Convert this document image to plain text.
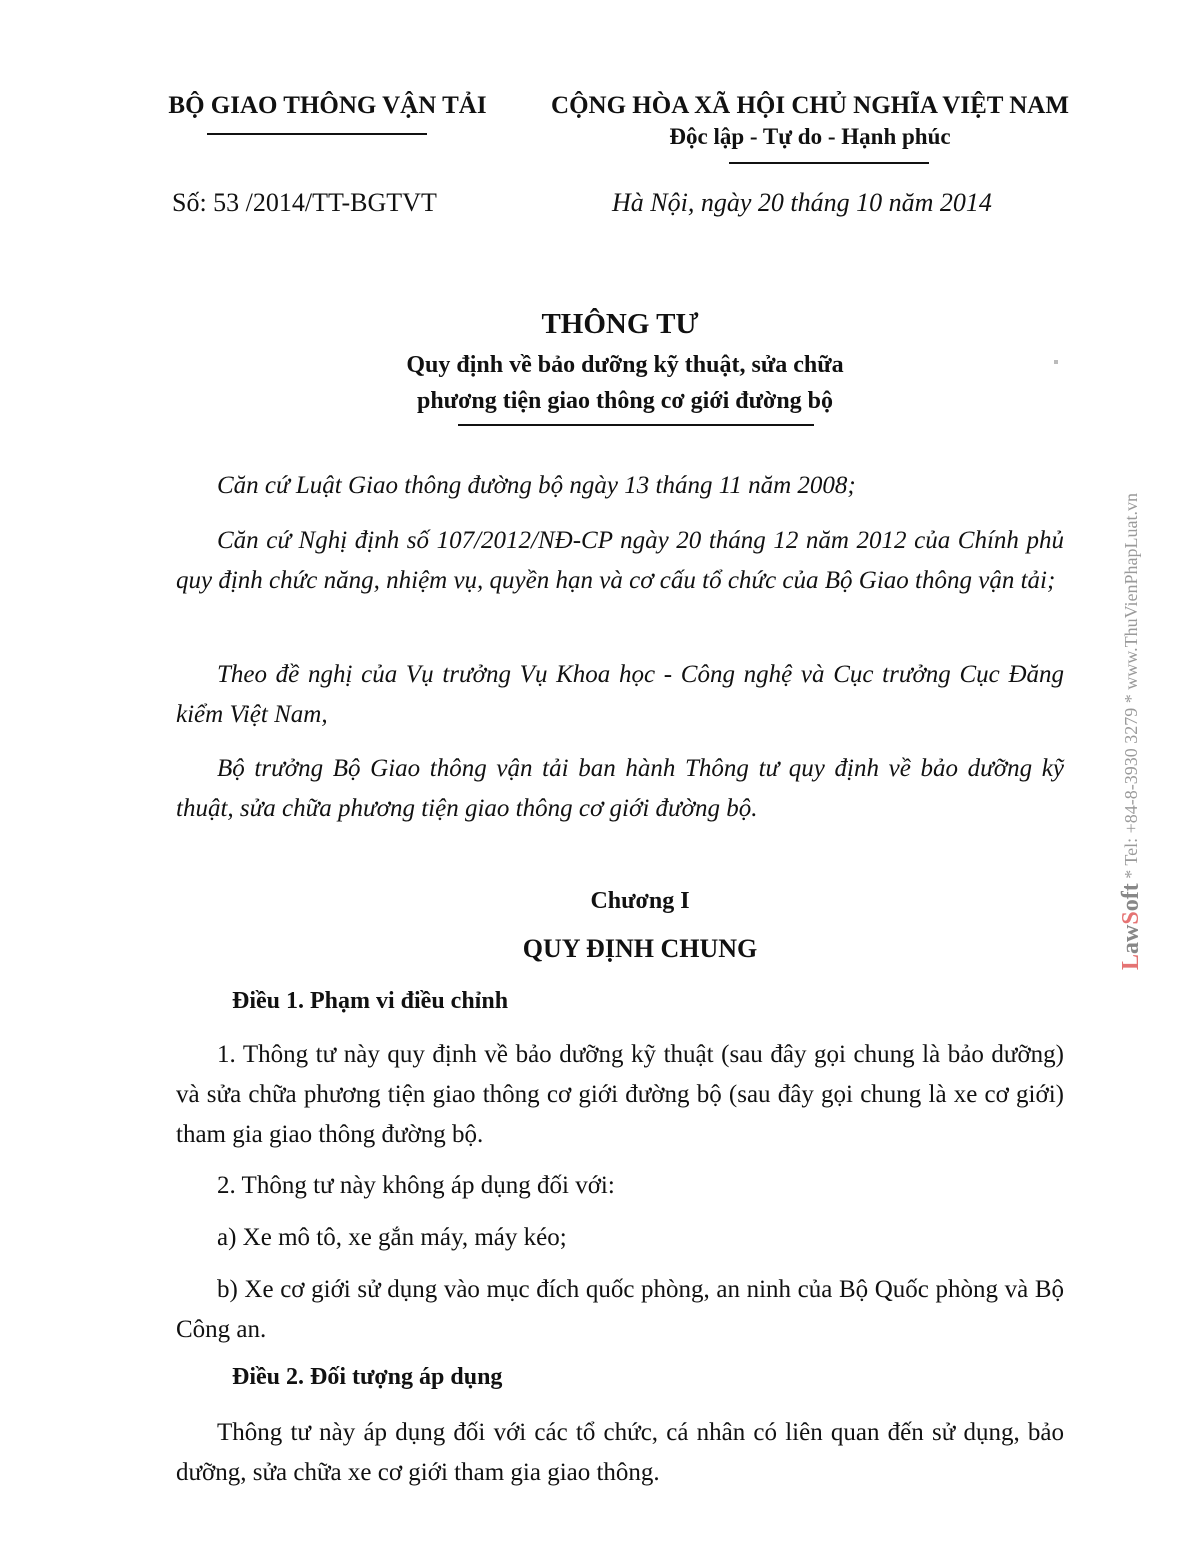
BỘ GIAO THÔNG VẬN TẢI	CỘNG HÒA XÃ HỘI CHỦ NGHĨA VIỆT NAM
Độc lập - Tự do - Hạnh phúc
Số: 53 /2014/TT-BGTVT	Hà Nội, ngày 20 tháng 10 năm 2014
THÔNG TƯ
Quy định về bảo dưỡng kỹ thuật, sửa chữa
phương tiện giao thông cơ giới đường bộ
Căn cứ Luật Giao thông đường bộ ngày 13 tháng 11 năm 2008;
Căn cứ Nghị định số 107/2012/NĐ-CP ngày 20 tháng 12 năm 2012 của Chính phủ quy định chức năng, nhiệm vụ, quyền hạn và cơ cấu tổ chức của Bộ Giao thông vận tải;
Theo đề nghị của Vụ trưởng Vụ Khoa học - Công nghệ và Cục trưởng Cục Đăng kiểm Việt Nam,
Bộ trưởng Bộ Giao thông vận tải ban hành Thông tư quy định về bảo dưỡng kỹ thuật, sửa chữa phương tiện giao thông cơ giới đường bộ.
Chương I
QUY ĐỊNH CHUNG
Điều 1. Phạm vi điều chỉnh
1. Thông tư này quy định về bảo dưỡng kỹ thuật (sau đây gọi chung là bảo dưỡng) và sửa chữa phương tiện giao thông cơ giới đường bộ (sau đây gọi chung là xe cơ giới) tham gia giao thông đường bộ.
2. Thông tư này không áp dụng đối với:
a) Xe mô tô, xe gắn máy, máy kéo;
b) Xe cơ giới sử dụng vào mục đích quốc phòng, an ninh của Bộ Quốc phòng và Bộ Công an.
Điều 2. Đối tượng áp dụng
Thông tư này áp dụng đối với các tổ chức, cá nhân có liên quan đến sử dụng, bảo dưỡng, sửa chữa xe cơ giới tham gia giao thông.
LawSoft * Tel: +84-8-3930 3279 * www.ThuVienPhapLuat.vn
